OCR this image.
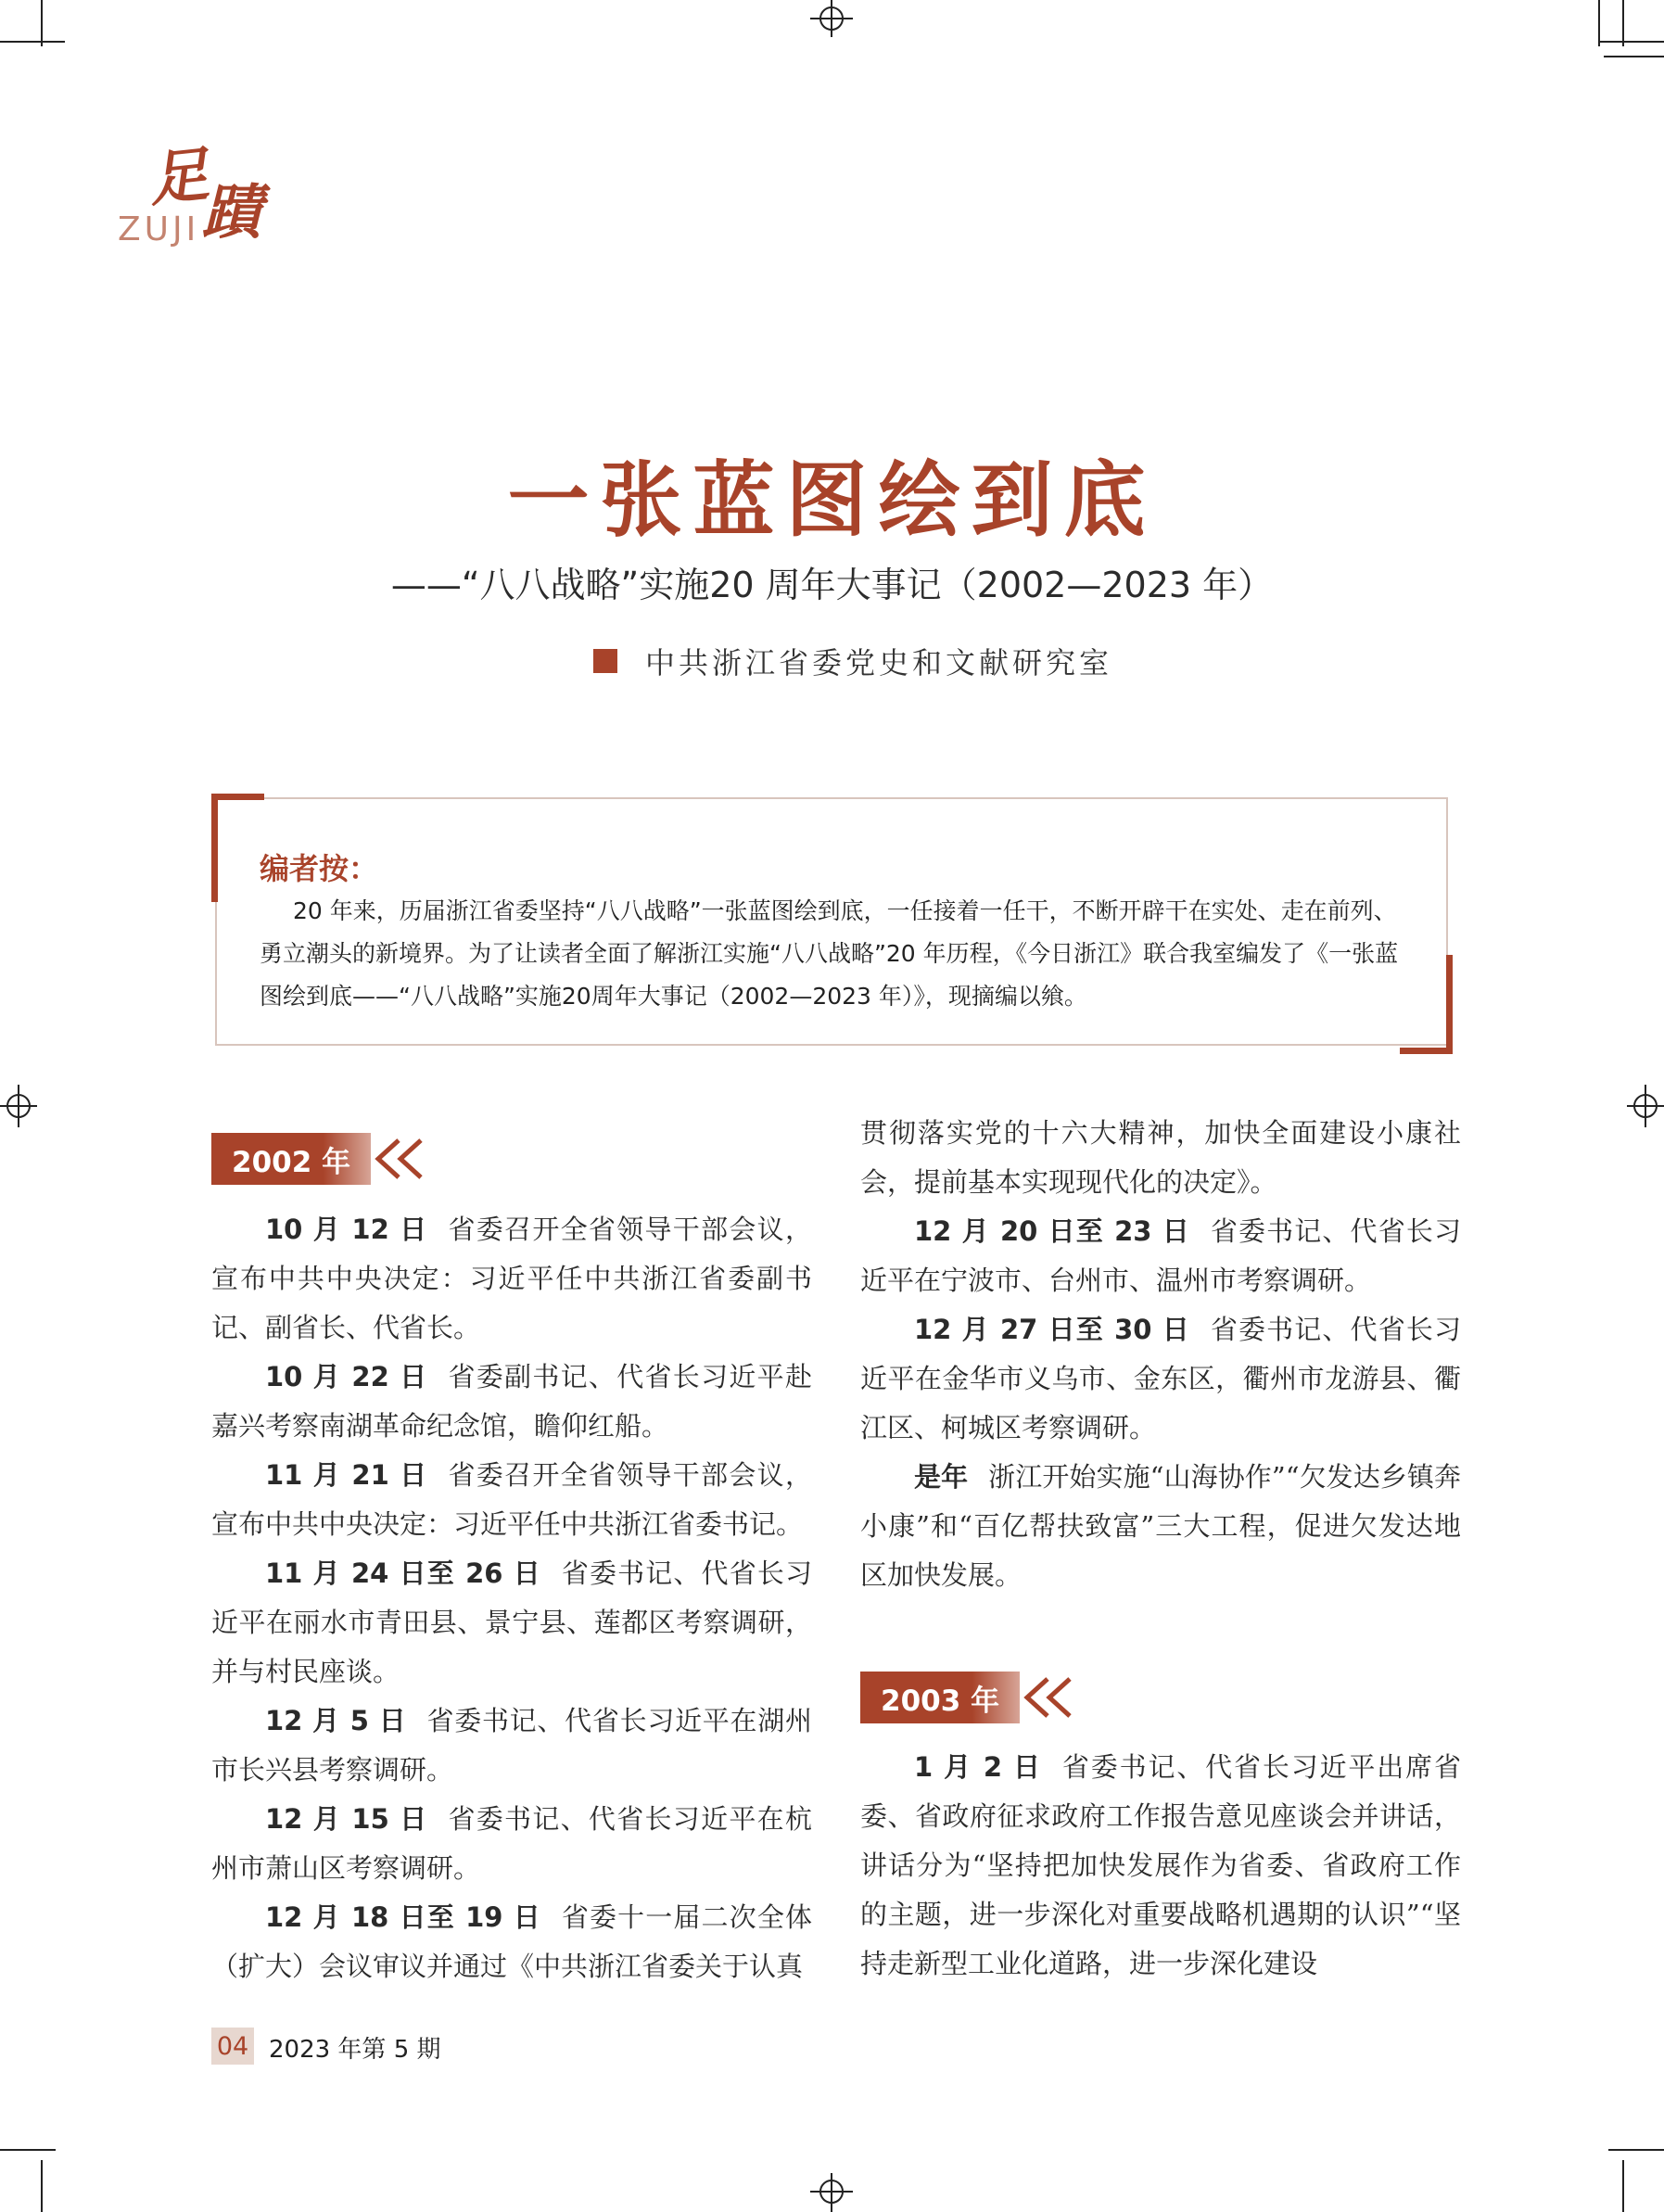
足
蹟
ZUJI
一张蓝图绘到底
——“八八战略”实施20 周年大事记（2002—2023 年）
中共浙江省委党史和文献研究室
编者按：
20 年来，历届浙江省委坚持“八八战略”一张蓝图绘到底，一任接着一任干，不断开辟干在实处、走在前列、勇立潮头的新境界。为了让读者全面了解浙江实施“八八战略”20 年历程，《今日浙江》联合我室编发了《一张蓝图绘到底——“八八战略”实施20周年大事记（2002—2023 年）》，现摘编以飨。
2002 年

10 月 12 日 省委召开全省领导干部会议，宣布中共中央决定：习近平任中共浙江省委副书记、副省长、代省长。

10 月 22 日 省委副书记、代省长习近平赴嘉兴考察南湖革命纪念馆，瞻仰红船。

11 月 21 日 省委召开全省领导干部会议，宣布中共中央决定：习近平任中共浙江省委书记。

11 月 24 日至 26 日 省委书记、代省长习近平在丽水市青田县、景宁县、莲都区考察调研，并与村民座谈。

12 月 5 日 省委书记、代省长习近平在湖州市长兴县考察调研。

12 月 15 日 省委书记、代省长习近平在杭州市萧山区考察调研。

12 月 18 日至 19 日 省委十一届二次全体（扩大）会议审议并通过《中共浙江省委关于认真

贯彻落实党的十六大精神，加快全面建设小康社会，提前基本实现现代化的决定》。

12 月 20 日至 23 日 省委书记、代省长习近平在宁波市、台州市、温州市考察调研。

12 月 27 日至 30 日 省委书记、代省长习近平在金华市义乌市、金东区，衢州市龙游县、衢江区、柯城区考察调研。

是年 浙江开始实施“山海协作”“欠发达乡镇奔小康”和“百亿帮扶致富”三大工程，促进欠发达地区加快发展。

2003 年

1 月 2 日 省委书记、代省长习近平出席省委、省政府征求政府工作报告意见座谈会并讲话，讲话分为“坚持把加快发展作为省委、省政府工作的主题，进一步深化对重要战略机遇期的认识”“坚持走新型工业化道路，进一步深化建设

04 2023 年第 5 期
